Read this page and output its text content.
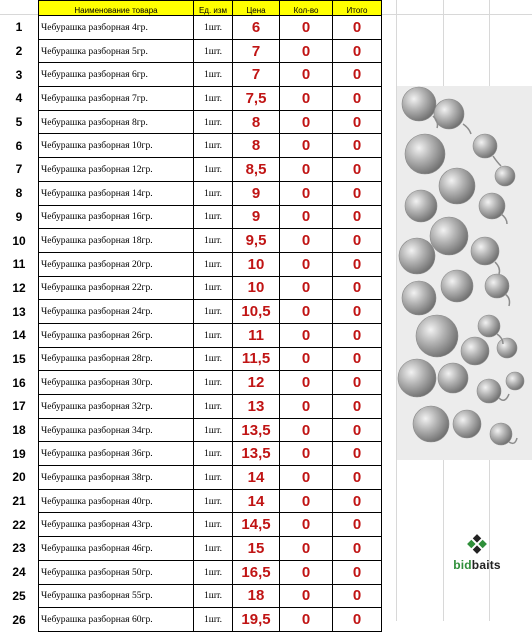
	Наименование товара	Ед. изм	Цена	Кол-во	Итого
1	Чебурашка разборная 4гр.	1шт.	6	0	0
2	Чебурашка разборная 5гр.	1шт.	7	0	0
3	Чебурашка разборная 6гр.	1шт.	7	0	0
4	Чебурашка разборная 7гр.	1шт.	7,5	0	0
5	Чебурашка разборная 8гр.	1шт.	8	0	0
6	Чебурашка разборная 10гр.	1шт.	8	0	0
7	Чебурашка разборная 12гр.	1шт.	8,5	0	0
8	Чебурашка разборная 14гр.	1шт.	9	0	0
9	Чебурашка разборная 16гр.	1шт.	9	0	0
10	Чебурашка разборная 18гр.	1шт.	9,5	0	0
11	Чебурашка разборная 20гр.	1шт.	10	0	0
12	Чебурашка разборная 22гр.	1шт.	10	0	0
13	Чебурашка разборная 24гр.	1шт.	10,5	0	0
14	Чебурашка разборная 26гр.	1шт.	11	0	0
15	Чебурашка разборная 28гр.	1шт.	11,5	0	0
16	Чебурашка разборная 30гр.	1шт.	12	0	0
17	Чебурашка разборная 32гр.	1шт.	13	0	0
18	Чебурашка разборная 34гр.	1шт.	13,5	0	0
19	Чебурашка разборная 36гр.	1шт.	13,5	0	0
20	Чебурашка разборная 38гр.	1шт.	14	0	0
21	Чебурашка разборная 40гр.	1шт.	14	0	0
22	Чебурашка разборная 43гр.	1шт.	14,5	0	0
23	Чебурашка разборная 46гр.	1шт.	15	0	0
24	Чебурашка разборная 50гр.	1шт.	16,5	0	0
25	Чебурашка разборная 55гр.	1шт.	18	0	0
26	Чебурашка разборная 60гр.	1шт.	19,5	0	0
bidbaits
